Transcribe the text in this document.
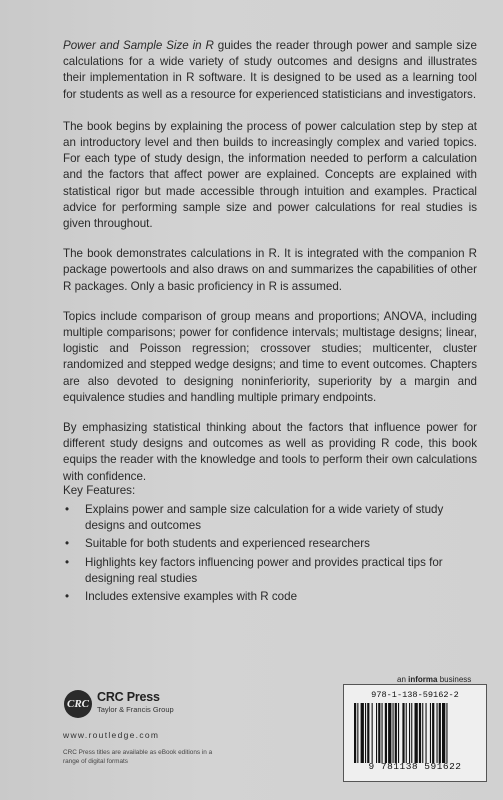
Power and Sample Size in R guides the reader through power and sample size calculations for a wide variety of study outcomes and designs and illustrates their implementation in R software. It is designed to be used as a learning tool for students as well as a resource for experienced statisticians and investigators.

The book begins by explaining the process of power calculation step by step at an introductory level and then builds to increasingly complex and varied topics. For each type of study design, the information needed to perform a calculation and the factors that affect power are explained. Concepts are explained with statistical rigor but made accessible through intuition and examples. Practical advice for performing sample size and power calculations for real studies is given throughout.

The book demonstrates calculations in R. It is integrated with the companion R package powertools and also draws on and summarizes the capabilities of other R packages. Only a basic proficiency in R is assumed.

Topics include comparison of group means and proportions; ANOVA, including multiple comparisons; power for confidence intervals; multistage designs; linear, logistic and Poisson regression; crossover studies; multicenter, cluster randomized and stepped wedge designs; and time to event outcomes. Chapters are also devoted to designing noninferiority, superiority by a margin and equivalence studies and handling multiple primary endpoints.

By emphasizing statistical thinking about the factors that influence power for different study designs and outcomes as well as providing R code, this book equips the reader with the knowledge and tools to perform their own calculations with confidence.

Key Features:
• Explains power and sample size calculation for a wide variety of study designs and outcomes
• Suitable for both students and experienced researchers
• Highlights key factors influencing power and provides practical tips for designing real studies
• Includes extensive examples with R code
an informa business
978-1-138-59162-2
9 781138 591622
CRC CRC Press
Taylor & Francis Group
www.routledge.com
CRC Press titles are available as eBook editions in a range of digital formats
